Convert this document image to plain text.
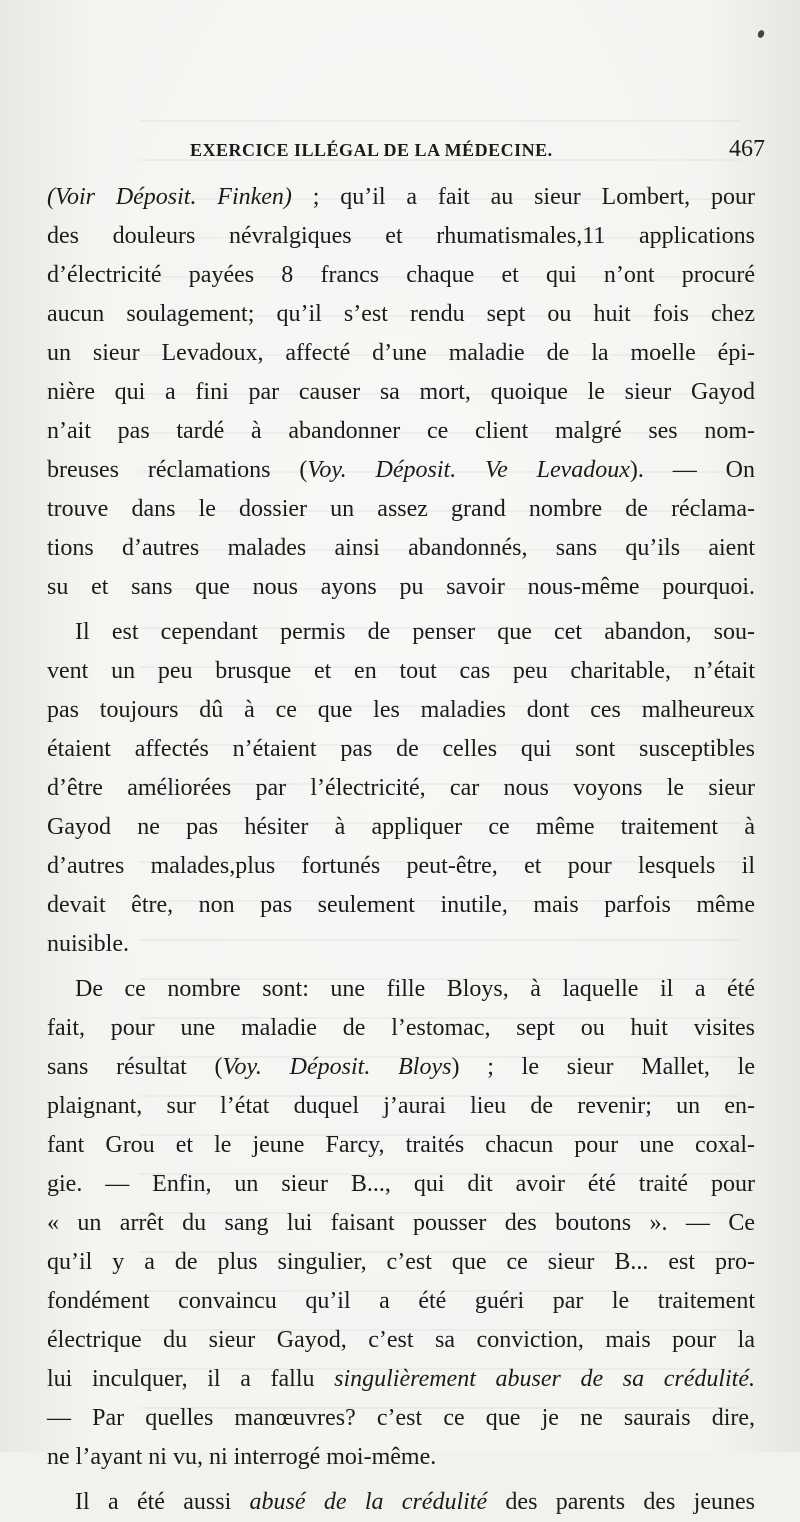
EXERCICE ILLÉGAL DE LA MÉDECINE.	467
(Voir Déposit. Finken) ; qu’il a fait au sieur Lombert, pour
des douleurs névralgiques et rhumatismales,11 applications
d’électricité payées 8 francs chaque et qui n’ont procuré
aucun soulagement; qu’il s’est rendu sept ou huit fois chez
un sieur Levadoux, affecté d’une maladie de la moelle épi-
nière qui a fini par causer sa mort, quoique le sieur Gayod
n’ait pas tardé à abandonner ce client malgré ses nom-
breuses réclamations (Voy. Déposit. Ve Levadoux). — On
trouve dans le dossier un assez grand nombre de réclama-
tions d’autres malades ainsi abandonnés, sans qu’ils aient
su et sans que nous ayons pu savoir nous-même pourquoi.
Il est cependant permis de penser que cet abandon, sou-
vent un peu brusque et en tout cas peu charitable, n’était
pas toujours dû à ce que les maladies dont ces malheureux
étaient affectés n’étaient pas de celles qui sont susceptibles
d’être améliorées par l’électricité, car nous voyons le sieur
Gayod ne pas hésiter à appliquer ce même traitement à
d’autres malades,plus fortunés peut-être, et pour lesquels il
devait être, non pas seulement inutile, mais parfois même
nuisible.
De ce nombre sont: une fille Bloys, à laquelle il a été
fait, pour une maladie de l’estomac, sept ou huit visites
sans résultat (Voy. Déposit. Bloys) ; le sieur Mallet, le
plaignant, sur l’état duquel j’aurai lieu de revenir; un en-
fant Grou et le jeune Farcy, traités chacun pour une coxal-
gie. — Enfin, un sieur B..., qui dit avoir été traité pour
« un arrêt du sang lui faisant pousser des boutons ». — Ce
qu’il y a de plus singulier, c’est que ce sieur B... est pro-
fondément convaincu qu’il a été guéri par le traitement
électrique du sieur Gayod, c’est sa conviction, mais pour la
lui inculquer, il a fallu singulièrement abuser de sa crédulité.
— Par quelles manœuvres? c’est ce que je ne saurais dire,
ne l’ayant ni vu, ni interrogé moi-même.
Il a été aussi abusé de la crédulité des parents des jeunes
